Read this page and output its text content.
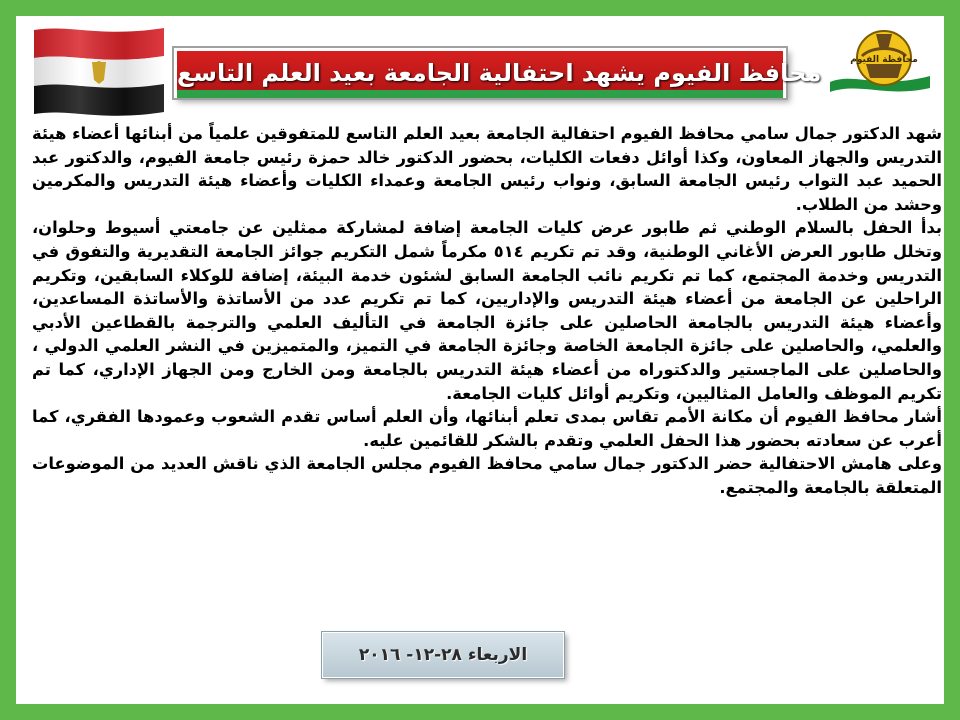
محافظ الفيوم يشهد احتفالية الجامعة بعيد العلم التاسع	محافظة الفيوم

شهد الدكتور جمال سامي محافظ الفيوم احتفالية الجامعة بعيد العلم التاسع للمتفوقين علمياً من أبنائها أعضاء هيئة التدريس والجهاز المعاون، وكذا أوائل دفعات الكليات، بحضور الدكتور خالد حمزة رئيس جامعة الفيوم، والدكتور عبد الحميد عبد التواب رئيس الجامعة السابق، ونواب رئيس الجامعة وعمداء الكليات وأعضاء هيئة التدريس والمكرمين وحشد من الطلاب.

بدأ الحفل بالسلام الوطني ثم طابور عرض كليات الجامعة إضافة لمشاركة ممثلين عن جامعتي أسيوط وحلوان، وتخلل طابور العرض الأغاني الوطنية، وقد تم تكريم ٥١٤ مكرماً شمل التكريم جوائز الجامعة التقديرية والتفوق في التدريس وخدمة المجتمع، كما تم تكريم نائب الجامعة السابق لشئون خدمة البيئة، إضافة للوكلاء السابقين، وتكريم الراحلين عن الجامعة من أعضاء هيئة التدريس والإداريين، كما تم تكريم عدد من الأساتذة والأساتذة المساعدين، وأعضاء هيئة التدريس بالجامعة الحاصلين على جائزة الجامعة في التأليف العلمي والترجمة بالقطاعين الأدبي والعلمي، والحاصلين على جائزة الجامعة الخاصة وجائزة الجامعة في التميز، والمتميزين في النشر العلمي الدولي ، والحاصلين على الماجستير والدكتوراه من أعضاء هيئة التدريس بالجامعة ومن الخارج ومن الجهاز الإداري، كما تم تكريم الموظف والعامل المثاليين، وتكريم أوائل كليات الجامعة.

أشار محافظ الفيوم أن مكانة الأمم تقاس بمدى تعلم أبنائها، وأن العلم أساس تقدم الشعوب وعمودها الفقري، كما أعرب عن سعادته بحضور هذا الحفل العلمي وتقدم بالشكر للقائمين عليه.

وعلى هامش الاحتفالية حضر الدكتور جمال سامي محافظ الفيوم مجلس الجامعة الذي ناقش العديد من الموضوعات المتعلقة بالجامعة والمجتمع.

الاربعاء ٢٨-١٢- ٢٠١٦
